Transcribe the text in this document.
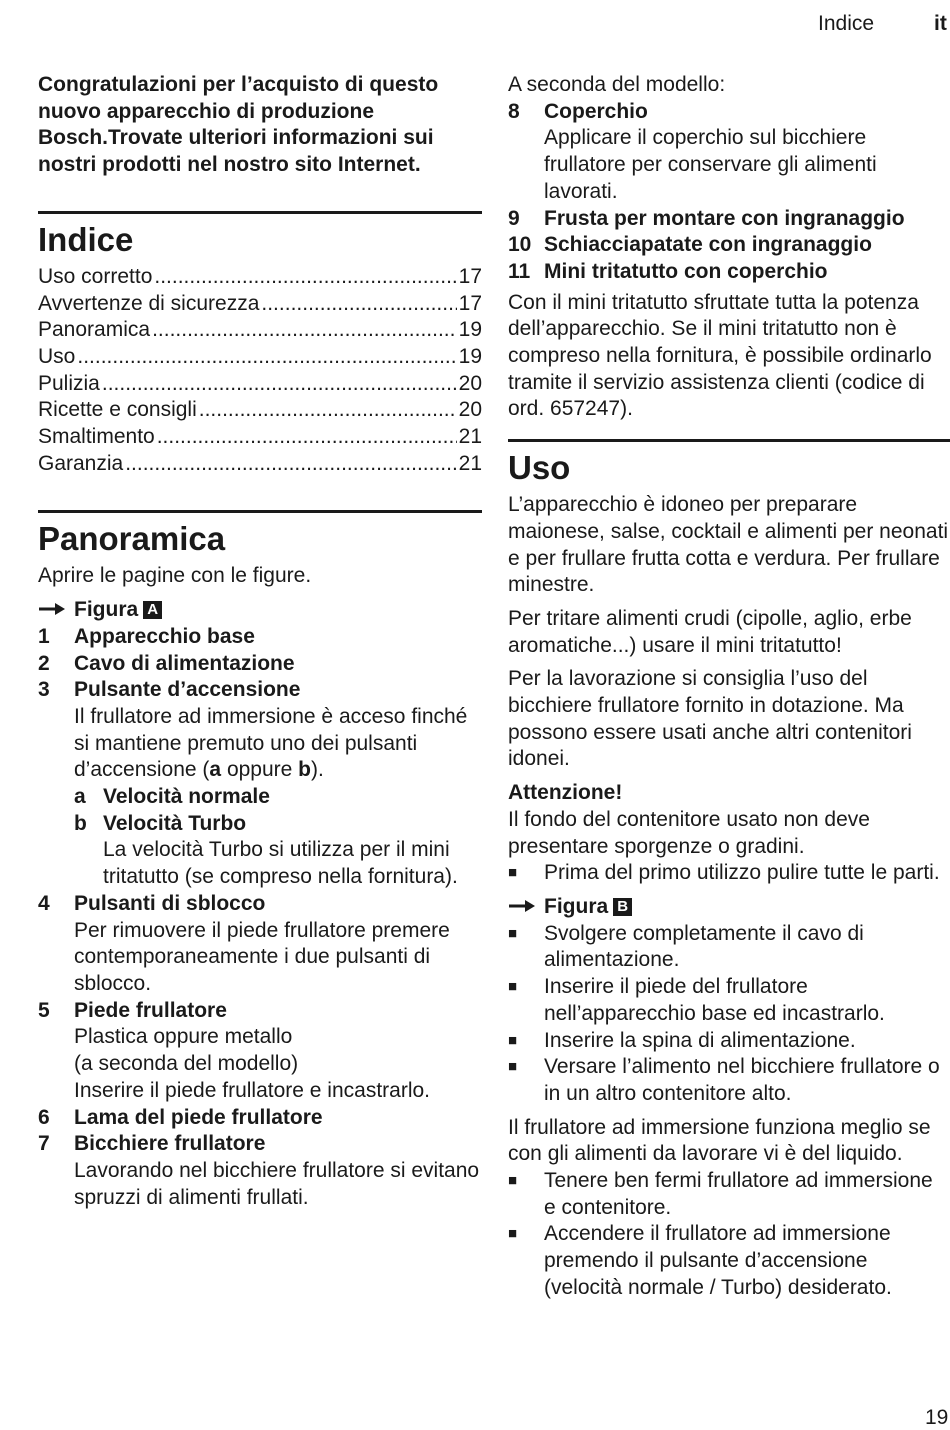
Indice	it

Congratulazioni per l’acquisto di questo nuovo apparecchio di produzione Bosch.Trovate ulteriori informazioni sui nostri prodotti nel nostro sito Internet.

Indice
Uso corretto .....	17
Avvertenze di sicurezza .....	17
Panoramica .....	19
Uso .....	19
Pulizia .....	20
Ricette e consigli .....	20
Smaltimento .....	21
Garanzia .....	21
Panoramica

Aprire le pagine con le figure.

Figura A
1	Apparecchio base
2	Cavo di alimentazione
3	Pulsante d’accensione
Il frullatore ad immersione è acceso finché si mantiene premuto uno dei pulsanti d’accensione (a oppure b).
a Velocità normale
b Velocità Turbo
La velocità Turbo si utilizza per il mini tritatutto (se compreso nella fornitura).
4	Pulsanti di sblocco
Per rimuovere il piede frullatore premere contemporaneamente i due pulsanti di sblocco.
5	Piede frullatore
Plastica oppure metallo
(a seconda del modello)
Inserire il piede frullatore e incastrarlo.
6	Lama del piede frullatore
7	Bicchiere frullatore
Lavorando nel bicchiere frullatore si evitano spruzzi di alimenti frullati.

A seconda del modello:

8	Coperchio
Applicare il coperchio sul bicchiere frullatore per conservare gli alimenti lavorati.
9	Frusta per montare con ingranaggio
10 Schiacciapatate con ingranaggio
11 Mini tritatutto con coperchio

Con il mini tritatutto sfruttate tutta la potenza dell’apparecchio. Se il mini tritatutto non è compreso nella fornitura, è possibile ordinarlo tramite il servizio assistenza clienti (codice di ord. 657247).

Uso

L’apparecchio è idoneo per preparare maionese, salse, cocktail e alimenti per neonati e per frullare frutta cotta e verdura. Per frullare minestre.

Per tritare alimenti crudi (cipolle, aglio, erbe aromatiche...) usare il mini tritatutto!

Per la lavorazione si consiglia l’uso del bicchiere frullatore fornito in dotazione. Ma possono essere usati anche altri contenitori idonei.

Attenzione!

Il fondo del contenitore usato non deve presentare sporgenze o gradini.

■	Prima del primo utilizzo pulire tutte le parti.
Figura B
■	Svolgere completamente il cavo di alimentazione.
■	Inserire il piede del frullatore nell’apparecchio base ed incastrarlo.
■	Inserire la spina di alimentazione.
■	Versare l’alimento nel bicchiere frullatore o in un altro contenitore alto.

Il frullatore ad immersione funziona meglio se con gli alimenti da lavorare vi è del liquido.

■	Tenere ben fermi frullatore ad immersione e contenitore.
■	Accendere il frullatore ad immersione premendo il pulsante d’accensione (velocità normale / Turbo) desiderato.
19
